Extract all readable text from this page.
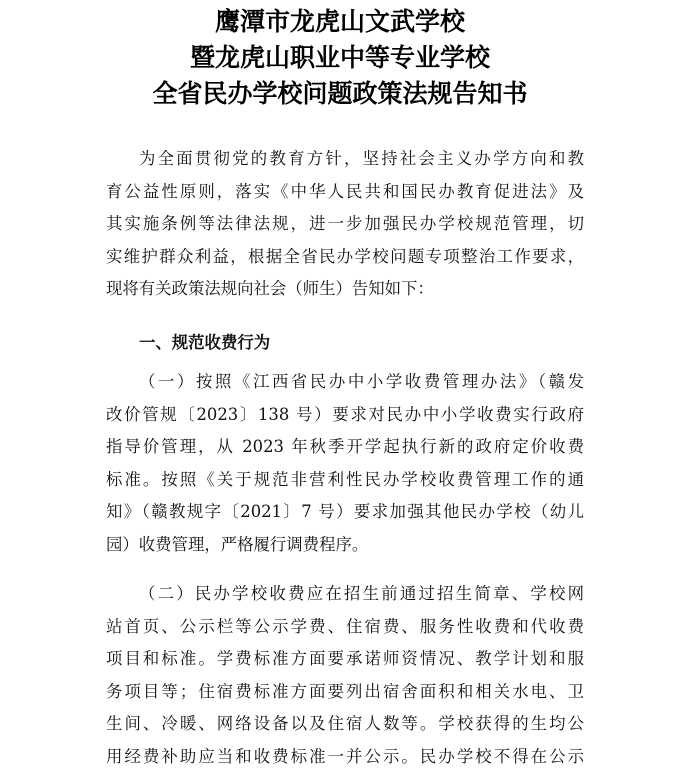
鹰潭市龙虎山文武学校
暨龙虎山职业中等专业学校
全省民办学校问题政策法规告知书
为全面贯彻党的教育方针，坚持社会主义办学方向和教
育公益性原则，落实《中华人民共和国民办教育促进法》及
其实施条例等法律法规，进一步加强民办学校规范管理，切
实维护群众利益，根据全省民办学校问题专项整治工作要求，
现将有关政策法规向社会（师生）告知如下：
一、规范收费行为
（一）按照《江西省民办中小学收费管理办法》（赣发
改价管规〔2023〕138 号）要求对民办中小学收费实行政府
指导价管理，从 2023 年秋季开学起执行新的政府定价收费
标准。按照《关于规范非营利性民办学校收费管理工作的通
知》（赣教规字〔2021〕7 号）要求加强其他民办学校（幼儿
园）收费管理，严格履行调费程序。
（二）民办学校收费应在招生前通过招生简章、学校网
站首页、公示栏等公示学费、住宿费、服务性收费和代收费
项目和标准。学费标准方面要承诺师资情况、教学计划和服
务项目等；住宿费标准方面要列出宿舍面积和相关水电、卫
生间、冷暖、网络设备以及住宿人数等。学校获得的生均公
用经费补助应当和收费标准一并公示。民办学校不得在公示
